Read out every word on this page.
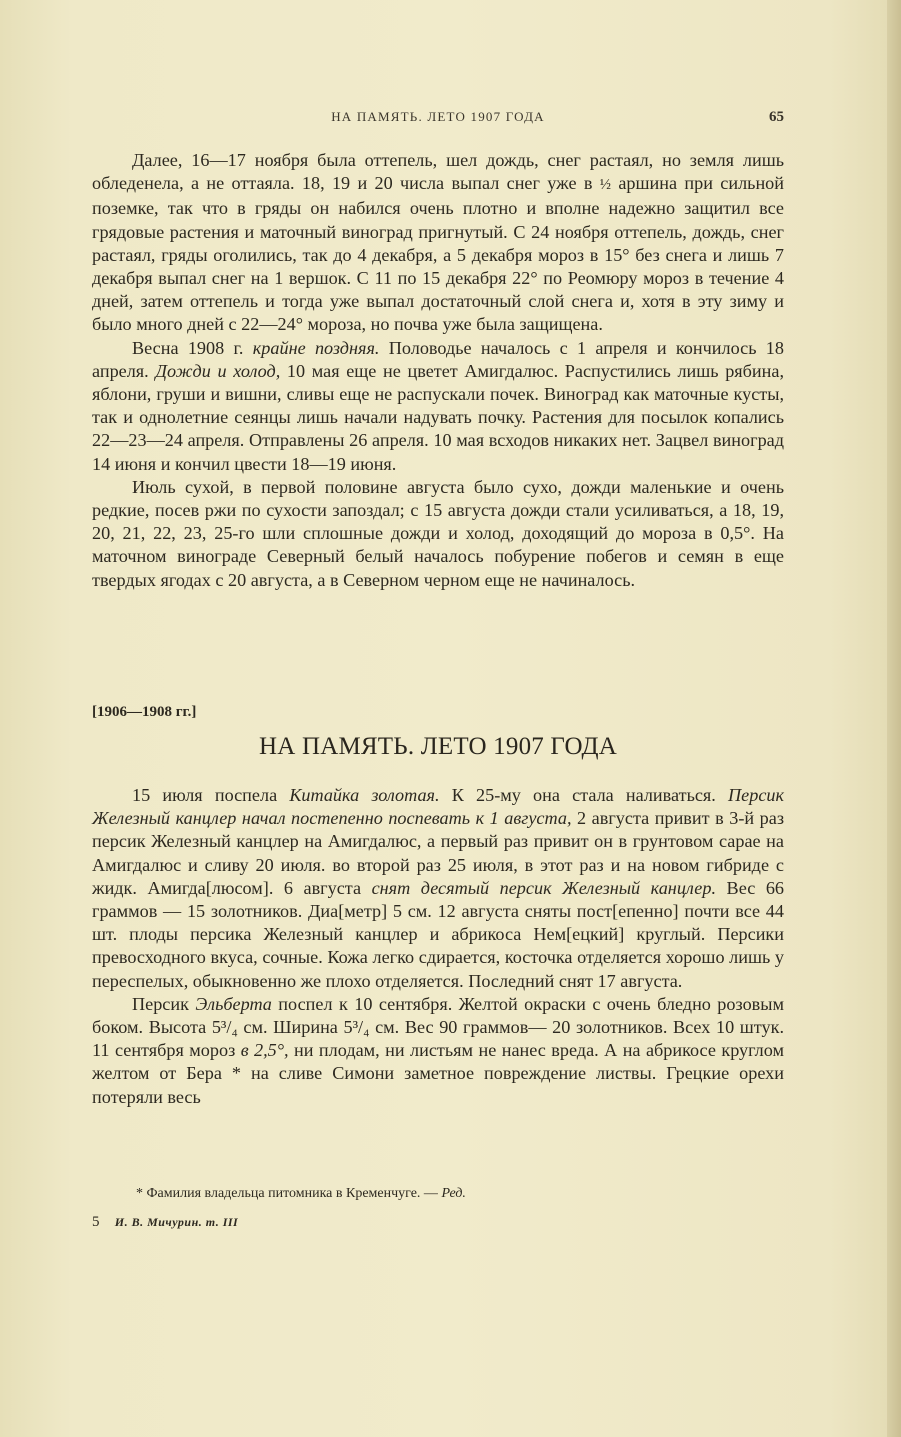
НА ПАМЯТЬ. ЛЕТО 1907 ГОДА	65

Далее, 16—17 ноября была оттепель, шел дождь, снег растаял, но земля лишь обледенела, а не оттаяла. 18, 19 и 20 числа выпал снег уже в ½ аршина при сильной поземке, так что в гряды он набился очень плотно и вполне надежно защитил все грядовые растения и маточный виноград пригнутый. С 24 ноября оттепель, дождь, снег растаял, гряды оголились, так до 4 декабря, а 5 декабря мороз в 15° без снега и лишь 7 декабря выпал снег на 1 вершок. С 11 по 15 декабря 22° по Реомюру мороз в течение 4 дней, затем оттепель и тогда уже выпал достаточный слой снега и, хотя в эту зиму и было много дней с 22—24° мороза, но почва уже была защищена.

Весна 1908 г. крайне поздняя. Половодье началось с 1 апреля и кончилось 18 апреля. Дожди и холод, 10 мая еще не цветет Амигдалюс. Распустились лишь рябина, яблони, груши и вишни, сливы еще не распускали почек. Виноград как маточные кусты, так и однолетние сеянцы лишь начали надувать почку. Растения для посылок копались 22—23—24 апреля. Отправлены 26 апреля. 10 мая всходов никаких нет. Зацвел виноград 14 июня и кончил цвести 18—19 июня.

Июль сухой, в первой половине августа было сухо, дожди маленькие и очень редкие, посев ржи по сухости запоздал; с 15 августа дожди стали усиливаться, а 18, 19, 20, 21, 22, 23, 25-го шли сплошные дожди и холод, доходящий до мороза в 0,5°. На маточном винограде Северный белый началось побурение побегов и семян в еще твердых ягодах с 20 августа, а в Северном черном еще не начиналось.

[1906—1908 гг.]
НА ПАМЯТЬ. ЛЕТО 1907 ГОДА

15 июля поспела Китайка золотая. К 25-му она стала наливаться. Персик Железный канцлер начал постепенно поспевать к 1 августа, 2 августа привит в 3-й раз персик Железный канцлер на Амигдалюс, а первый раз привит он в грунтовом сарае на Амигдалюс и сливу 20 июля. во второй раз 25 июля, в этот раз и на новом гибриде с жидк. Амигда[люсом]. 6 августа снят десятый персик Железный канцлер. Вес 66 граммов — 15 золотников. Диа[метр] 5 см. 12 августа сняты пост[епенно] почти все 44 шт. плоды персика Железный канцлер и абрикоса Нем[ецкий] круглый. Персики превосходного вкуса, сочные. Кожа легко сдирается, косточка отделяется хорошо лишь у переспелых, обыкновенно же плохо отделяется. Последний снят 17 августа.

Персик Эльберта поспел к 10 сентября. Желтой окраски с очень бледно розовым боком. Высота 5³/₄ см. Ширина 5³/₄ см. Вес 90 граммов— 20 золотников. Всех 10 штук. 11 сентября мороз в 2,5°, ни плодам, ни листьям не нанес вреда. А на абрикосе круглом желтом от Бера * на сливе Симони заметное повреждение листвы. Грецкие орехи потеряли весь

* Фамилия владельца питомника в Кременчуге. — Ред.
5 И. В. Мичурин. т. III
